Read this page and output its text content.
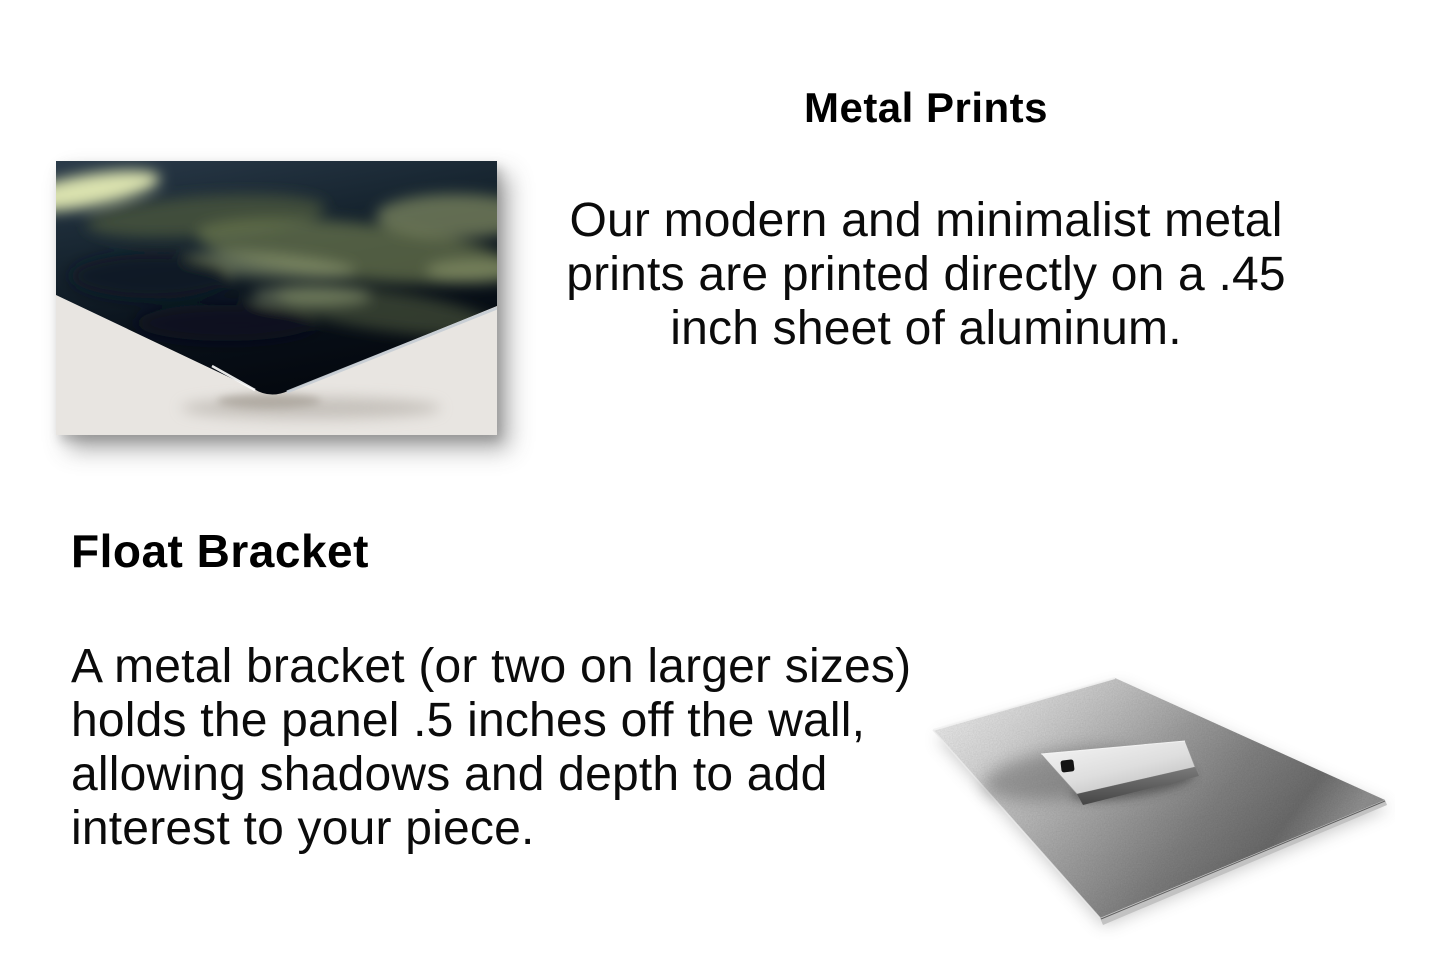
Metal Prints
Our modern and minimalist metal
prints are printed directly on a .45
inch sheet of aluminum.
Float Bracket
A metal bracket (or two on larger sizes)
holds the panel .5 inches off the wall,
allowing shadows and depth to add
interest to your piece.
